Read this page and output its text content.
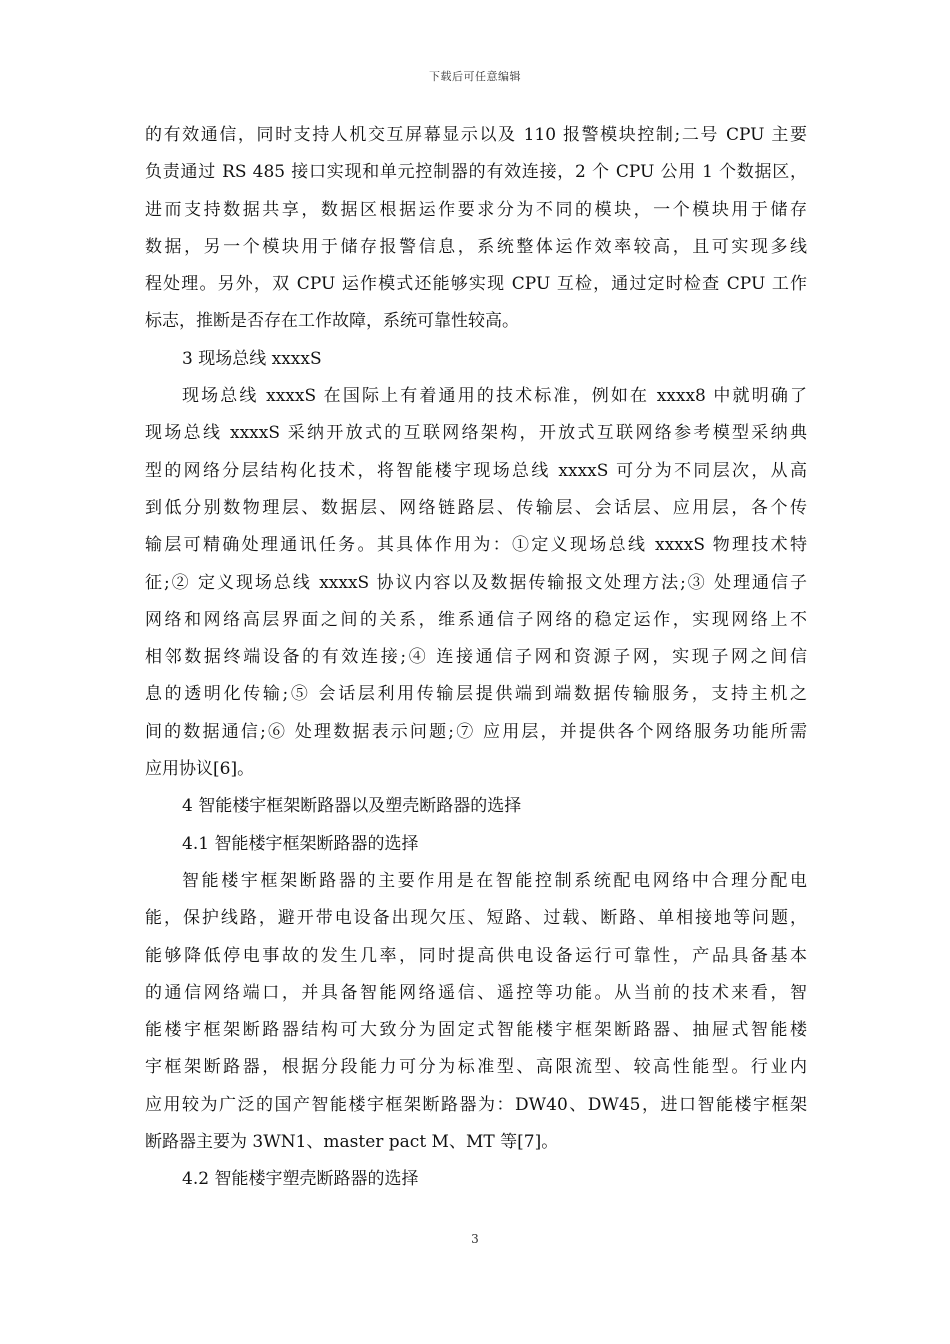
下载后可任意编辑
的有效通信，同时支持人机交互屏幕显示以及 110 报警模块控制;二号 CPU 主要
负责通过 RS 485 接口实现和单元控制器的有效连接，2 个 CPU 公用 1 个数据区，
进而支持数据共享，数据区根据运作要求分为不同的模块，一个模块用于储存
数据，另一个模块用于储存报警信息，系统整体运作效率较高，且可实现多线
程处理。另外，双 CPU 运作模式还能够实现 CPU 互检，通过定时检查 CPU 工作
标志，推断是否存在工作故障，系统可靠性较高。
3 现场总线 xxxxS
现场总线 xxxxS 在国际上有着通用的技术标准，例如在 xxxx8 中就明确了
现场总线 xxxxS 采纳开放式的互联网络架构，开放式互联网络参考模型采纳典
型的网络分层结构化技术，将智能楼宇现场总线 xxxxS 可分为不同层次，从高
到低分别数物理层、数据层、网络链路层、传输层、会话层、应用层，各个传
输层可精确处理通讯任务。其具体作用为：①定义现场总线 xxxxS 物理技术特
征;② 定义现场总线 xxxxS 协议内容以及数据传输报文处理方法;③ 处理通信子
网络和网络高层界面之间的关系，维系通信子网络的稳定运作，实现网络上不
相邻数据终端设备的有效连接;④ 连接通信子网和资源子网，实现子网之间信
息的透明化传输;⑤ 会话层利用传输层提供端到端数据传输服务，支持主机之
间的数据通信;⑥ 处理数据表示问题;⑦ 应用层，并提供各个网络服务功能所需
应用协议[6]。
4 智能楼宇框架断路器以及塑壳断路器的选择
4.1 智能楼宇框架断路器的选择
智能楼宇框架断路器的主要作用是在智能控制系统配电网络中合理分配电
能，保护线路，避开带电设备出现欠压、短路、过载、断路、单相接地等问题，
能够降低停电事故的发生几率，同时提高供电设备运行可靠性，产品具备基本
的通信网络端口，并具备智能网络遥信、遥控等功能。从当前的技术来看，智
能楼宇框架断路器结构可大致分为固定式智能楼宇框架断路器、抽屉式智能楼
宇框架断路器，根据分段能力可分为标准型、高限流型、较高性能型。行业内
应用较为广泛的国产智能楼宇框架断路器为：DW40、DW45，进口智能楼宇框架
断路器主要为 3WN1、master pact M、MT 等[7]。
4.2 智能楼宇塑壳断路器的选择
3
